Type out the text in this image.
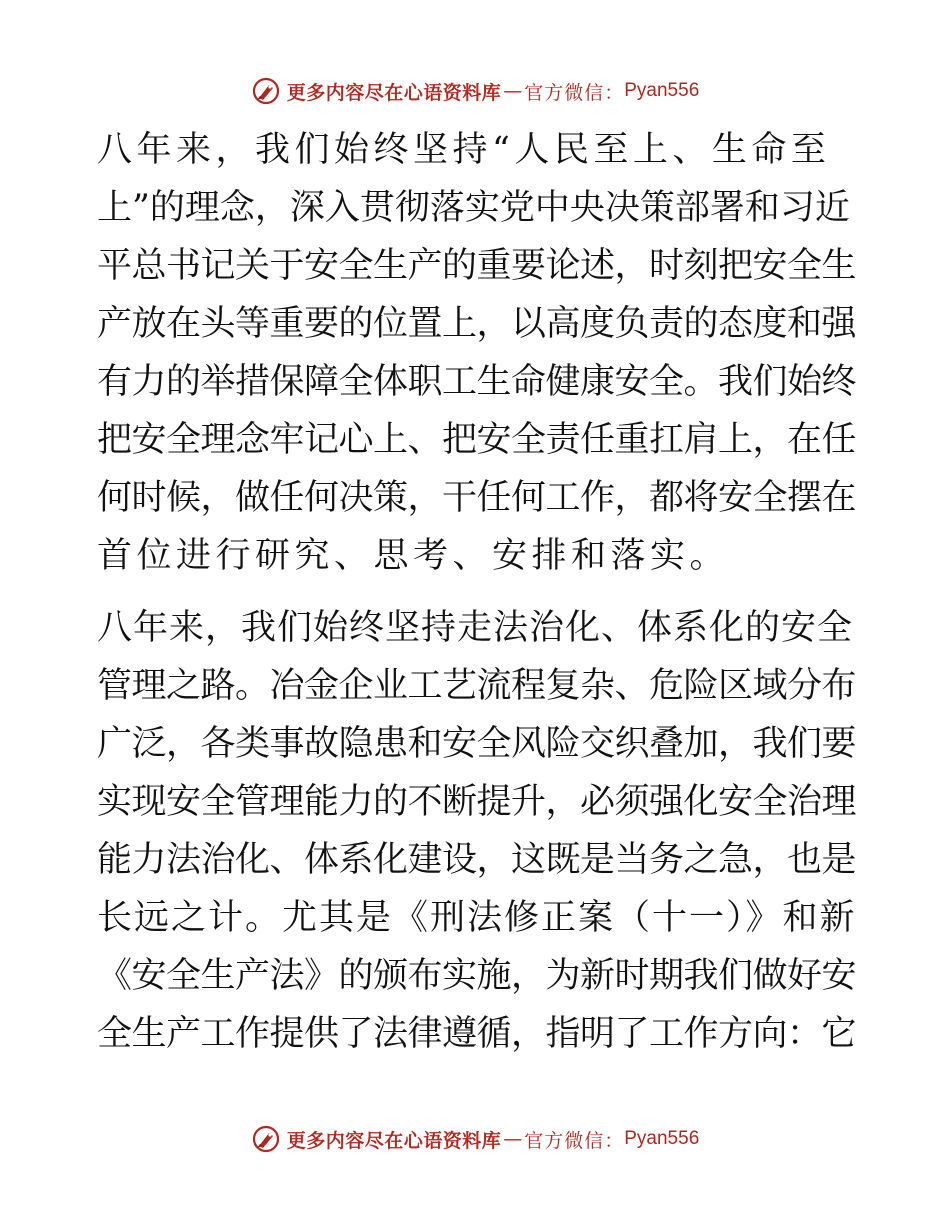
更多内容尽在心语资料库 — 官方微信： Pyan556
八年来，我们始终坚持“人民至上、生命至
上”的理念，深入贯彻落实党中央决策部署和习近
平总书记关于安全生产的重要论述，时刻把安全生
产放在头等重要的位置上，以高度负责的态度和强
有力的举措保障全体职工生命健康安全。我们始终
把安全理念牢记心上、把安全责任重扛肩上，在任
何时候，做任何决策，干任何工作，都将安全摆在
首位进行研究、思考、安排和落实。
八年来，我们始终坚持走法治化、体系化的安全
管理之路。冶金企业工艺流程复杂、危险区域分布
广泛，各类事故隐患和安全风险交织叠加，我们要
实现安全管理能力的不断提升，必须强化安全治理
能力法治化、体系化建设，这既是当务之急，也是
长远之计。尤其是《刑法修正案（十一）》和新
《安全生产法》的颁布实施，为新时期我们做好安
全生产工作提供了法律遵循，指明了工作方向：它
更多内容尽在心语资料库 — 官方微信： Pyan556
